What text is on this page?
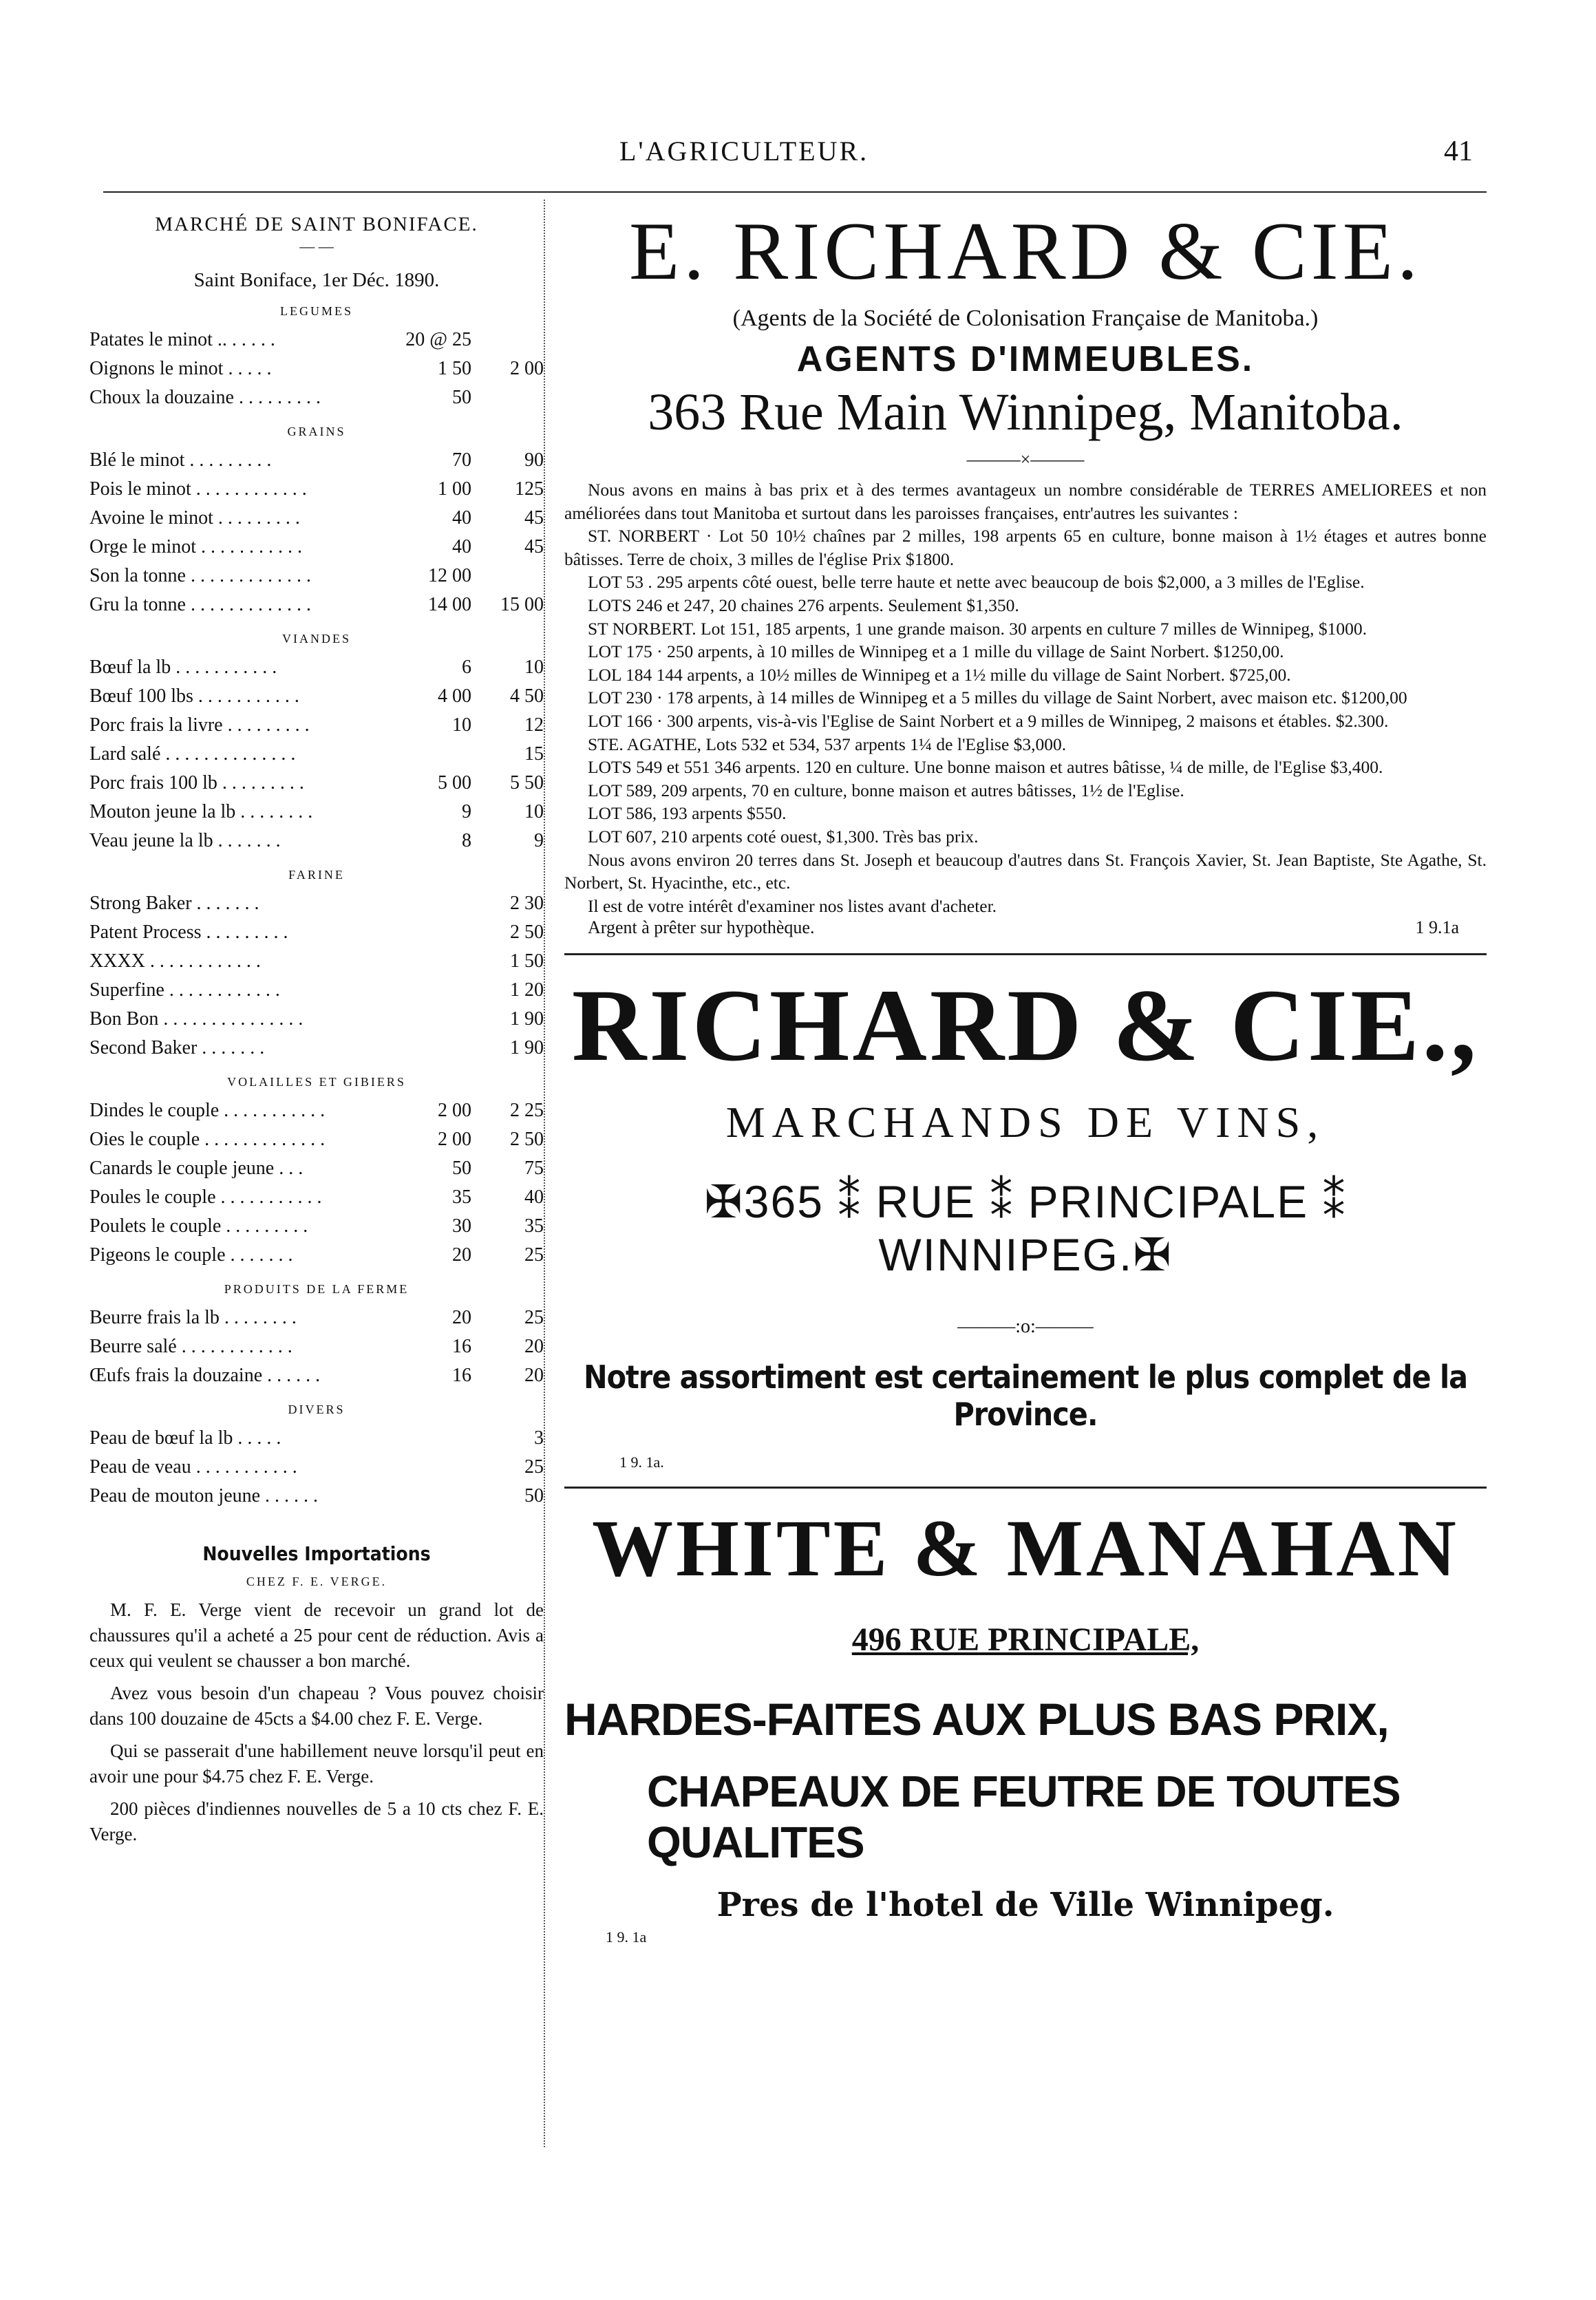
L'AGRICULTEUR.	41
MARCHÉ DE SAINT BONIFACE.
— —
Saint Boniface, 1er Déc. 1890.
LEGUMES
Patates le minot .. . . . . .	20 @ 25
Oignons le minot . . . . .	1 50	2 00
Choux la douzaine . . . . . . . . .	50
GRAINS
Blé le minot . . . . . . . . .	70	90
Pois le minot . . . . . . . . . . . .	1 00	125
Avoine le minot . . . . . . . . .	40	45
Orge le minot . . . . . . . . . . .	40	45
Son la tonne . . . . . . . . . . . . .	12 00
Gru la tonne . . . . . . . . . . . . .	14 00	15 00
VIANDES
Bœuf la lb . . . . . . . . . . .	6	10
Bœuf 100 lbs . . . . . . . . . . .	4 00	4 50
Porc frais la livre . . . . . . . . .	10	12
Lard salé . . . . . . . . . . . . . .	15
Porc frais 100 lb . . . . . . . . .	5 00	5 50
Mouton jeune la lb . . . . . . . .	9	10
Veau jeune la lb . . . . . . .	8	9
FARINE
Strong Baker . . . . . . .	2 30
Patent Process . . . . . . . . .	2 50
XXXX . . . . . . . . . . . .	1 50
Superfine . . . . . . . . . . . .	1 20
Bon Bon . . . . . . . . . . . . . . .	1 90
Second Baker . . . . . . .	1 90
VOLAILLES ET GIBIERS
Dindes le couple . . . . . . . . . . .	2 00	2 25
Oies le couple . . . . . . . . . . . . .	2 00	2 50
Canards le couple jeune . . .	50	75
Poules le couple . . . . . . . . . . .	35	40
Poulets le couple . . . . . . . . .	30	35
Pigeons le couple . . . . . . .	20	25
PRODUITS DE LA FERME
Beurre frais la lb . . . . . . . .	20	25
Beurre salé . . . . . . . . . . . .	16	20
Œufs frais la douzaine . . . . . .	16	20
DIVERS
Peau de bœuf la lb . . . . .	3
Peau de veau . . . . . . . . . . .	25
Peau de mouton jeune . . . . . .	50
Nouvelles Importations
CHEZ F. E. VERGE.
M. F. E. Verge vient de recevoir un grand lot de chaussures qu'il a acheté a 25 pour cent de réduction. Avis a ceux qui veulent se chausser a bon marché.
Avez vous besoin d'un chapeau ? Vous pouvez choisir dans 100 douzaine de 45cts a $4.00 chez F. E. Verge.
Qui se passerait d'une habillement neuve lorsqu'il peut en avoir une pour $4.75 chez F. E. Verge.
200 pièces d'indiennes nouvelles de 5 a 10 cts chez F. E. Verge.
E. RICHARD & CIE.
(Agents de la Société de Colonisation Française de Manitoba.)
AGENTS D'IMMEUBLES.
363 Rue Main Winnipeg, Manitoba.
———×———

Nous avons en mains à bas prix et à des termes avantageux un nombre considérable de TERRES AMELIOREES et non améliorées dans tout Manitoba et surtout dans les paroisses françaises, entr'autres les suivantes :

ST. NORBERT · Lot 50 10½ chaînes par 2 milles, 198 arpents 65 en culture, bonne maison à 1½ étages et autres bonne bâtisses. Terre de choix, 3 milles de l'église Prix $1800.

LOT 53 . 295 arpents côté ouest, belle terre haute et nette avec beaucoup de bois $2,000, a 3 milles de l'Eglise.

LOTS 246 et 247, 20 chaines 276 arpents. Seulement $1,350.

ST NORBERT. Lot 151, 185 arpents, 1 une grande maison. 30 arpents en culture 7 milles de Winnipeg, $1000.

LOT 175 · 250 arpents, à 10 milles de Winnipeg et a 1 mille du village de Saint Norbert. $1250,00.

LOL 184 144 arpents, a 10½ milles de Winnipeg et a 1½ mille du village de Saint Norbert. $725,00.

LOT 230 · 178 arpents, à 14 milles de Winnipeg et a 5 milles du village de Saint Norbert, avec maison etc. $1200,00

LOT 166 · 300 arpents, vis-à-vis l'Eglise de Saint Norbert et a 9 milles de Winnipeg, 2 maisons et étables. $2.300.

STE. AGATHE, Lots 532 et 534, 537 arpents 1¼ de l'Eglise $3,000.

LOTS 549 et 551 346 arpents. 120 en culture. Une bonne maison et autres bâtisse, ¼ de mille, de l'Eglise $3,400.

LOT 589, 209 arpents, 70 en culture, bonne maison et autres bâtisses, 1½ de l'Eglise.

LOT 586, 193 arpents $550.

LOT 607, 210 arpents coté ouest, $1,300. Très bas prix.

Nous avons environ 20 terres dans St. Joseph et beaucoup d'autres dans St. François Xavier, St. Jean Baptiste, Ste Agathe, St. Norbert, St. Hyacinthe, etc., etc.

Il est de votre intérêt d'examiner nos listes avant d'acheter.

Argent à prêter sur hypothèque.	1 9.1a
RICHARD & CIE.,
MARCHANDS DE VINS,
✠365 ⁑ RUE ⁑ PRINCIPALE ⁑ WINNIPEG.✠
———:o:———
Notre assortiment est certainement le plus complet de la Province.
1 9. 1a.
WHITE & MANAHAN
496 RUE PRINCIPALE,
HARDES-FAITES AUX PLUS BAS PRIX,
CHAPEAUX DE FEUTRE DE TOUTES QUALITES
Pres de l'hotel de Ville Winnipeg.
1 9. 1a
